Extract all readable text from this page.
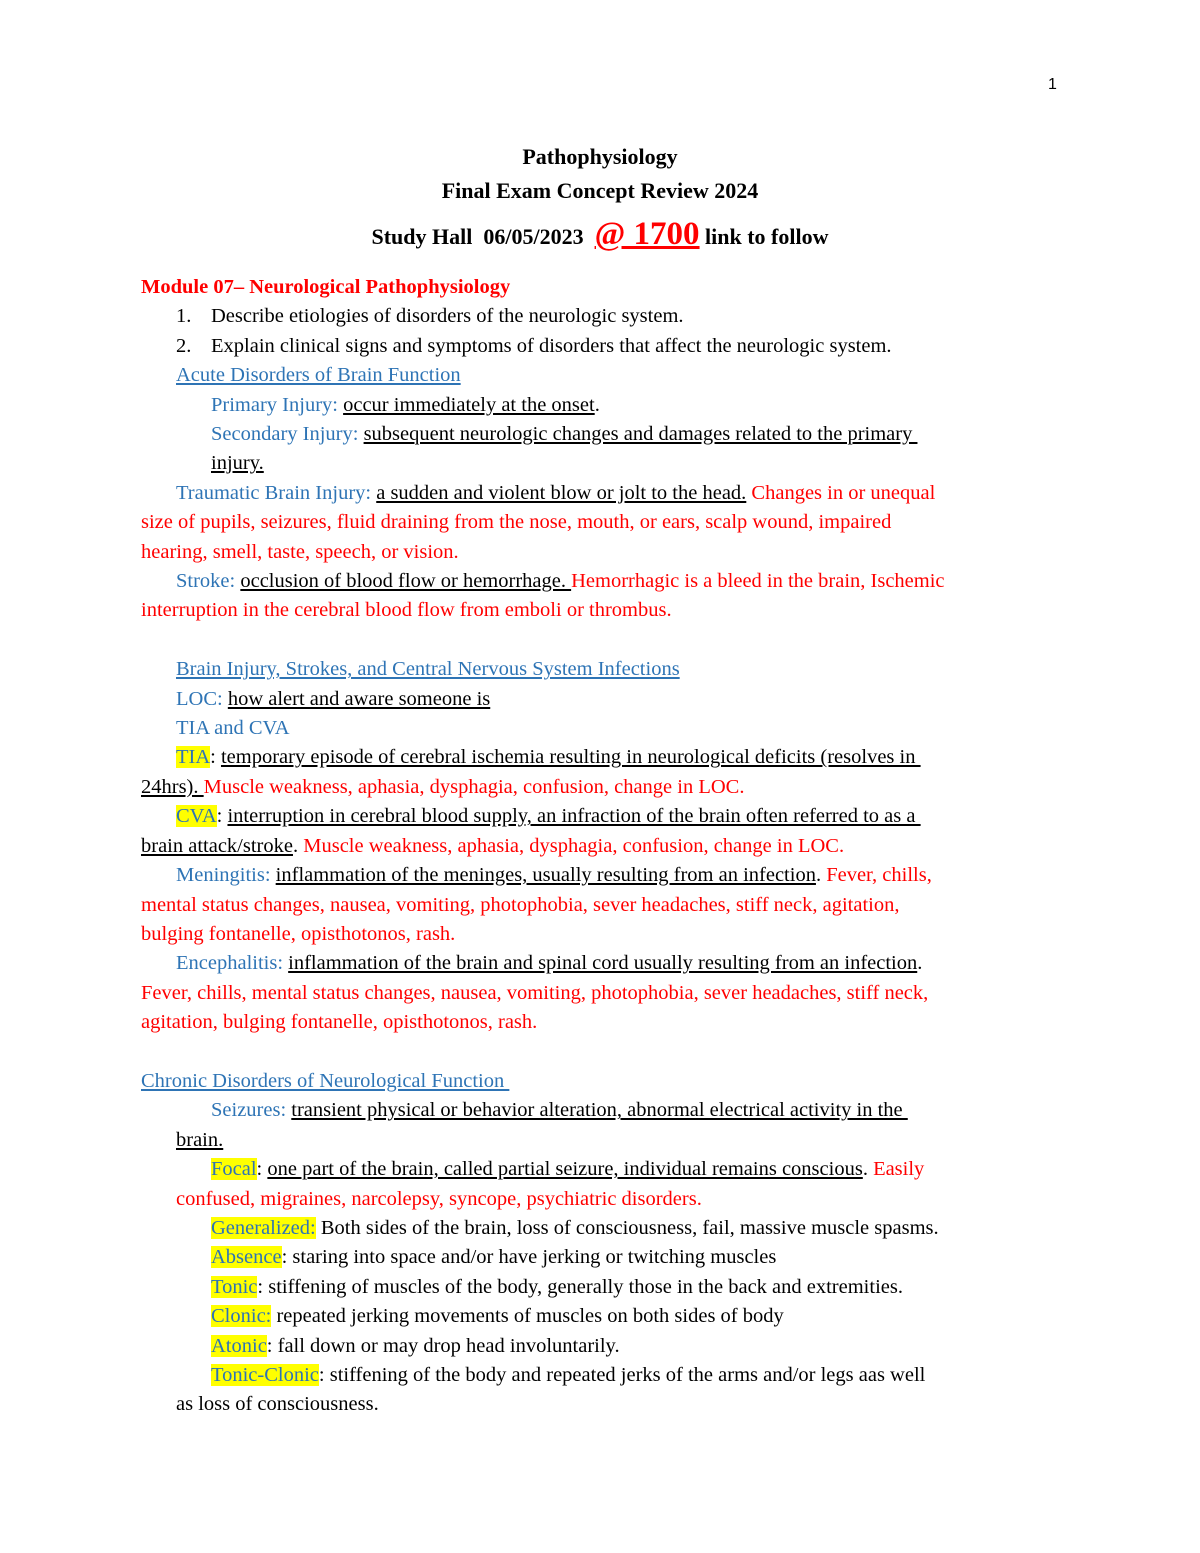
1
Pathophysiology
Final Exam Concept Review 2024
Study Hall  06/05/2023  @ 1700 link to follow
Module 07– Neurological Pathophysiology
1. Describe etiologies of disorders of the neurologic system.
2. Explain clinical signs and symptoms of disorders that affect the neurologic system.
Acute Disorders of Brain Function
Primary Injury: occur immediately at the onset.
Secondary Injury: subsequent neurologic changes and damages related to the primary
injury.
Traumatic Brain Injury: a sudden and violent blow or jolt to the head. Changes in or unequal
size of pupils, seizures, fluid draining from the nose, mouth, or ears, scalp wound, impaired
hearing, smell, taste, speech, or vision.
Stroke: occlusion of blood flow or hemorrhage. Hemorrhagic is a bleed in the brain, Ischemic
interruption in the cerebral blood flow from emboli or thrombus.
Brain Injury, Strokes, and Central Nervous System Infections
LOC: how alert and aware someone is
TIA and CVA
TIA: temporary episode of cerebral ischemia resulting in neurological deficits (resolves in
24hrs). Muscle weakness, aphasia, dysphagia, confusion, change in LOC.
CVA: interruption in cerebral blood supply, an infraction of the brain often referred to as a
brain attack/stroke. Muscle weakness, aphasia, dysphagia, confusion, change in LOC.
Meningitis: inflammation of the meninges, usually resulting from an infection. Fever, chills,
mental status changes, nausea, vomiting, photophobia, sever headaches, stiff neck, agitation,
bulging fontanelle, opisthotonos, rash.
Encephalitis: inflammation of the brain and spinal cord usually resulting from an infection.
Fever, chills, mental status changes, nausea, vomiting, photophobia, sever headaches, stiff neck,
agitation, bulging fontanelle, opisthotonos, rash.
Chronic Disorders of Neurological Function
Seizures: transient physical or behavior alteration, abnormal electrical activity in the
brain.
Focal: one part of the brain, called partial seizure, individual remains conscious. Easily
confused, migraines, narcolepsy, syncope, psychiatric disorders.
Generalized: Both sides of the brain, loss of consciousness, fail, massive muscle spasms.
Absence: staring into space and/or have jerking or twitching muscles
Tonic: stiffening of muscles of the body, generally those in the back and extremities.
Clonic: repeated jerking movements of muscles on both sides of body
Atonic: fall down or may drop head involuntarily.
Tonic-Clonic: stiffening of the body and repeated jerks of the arms and/or legs aas well
as loss of consciousness.
